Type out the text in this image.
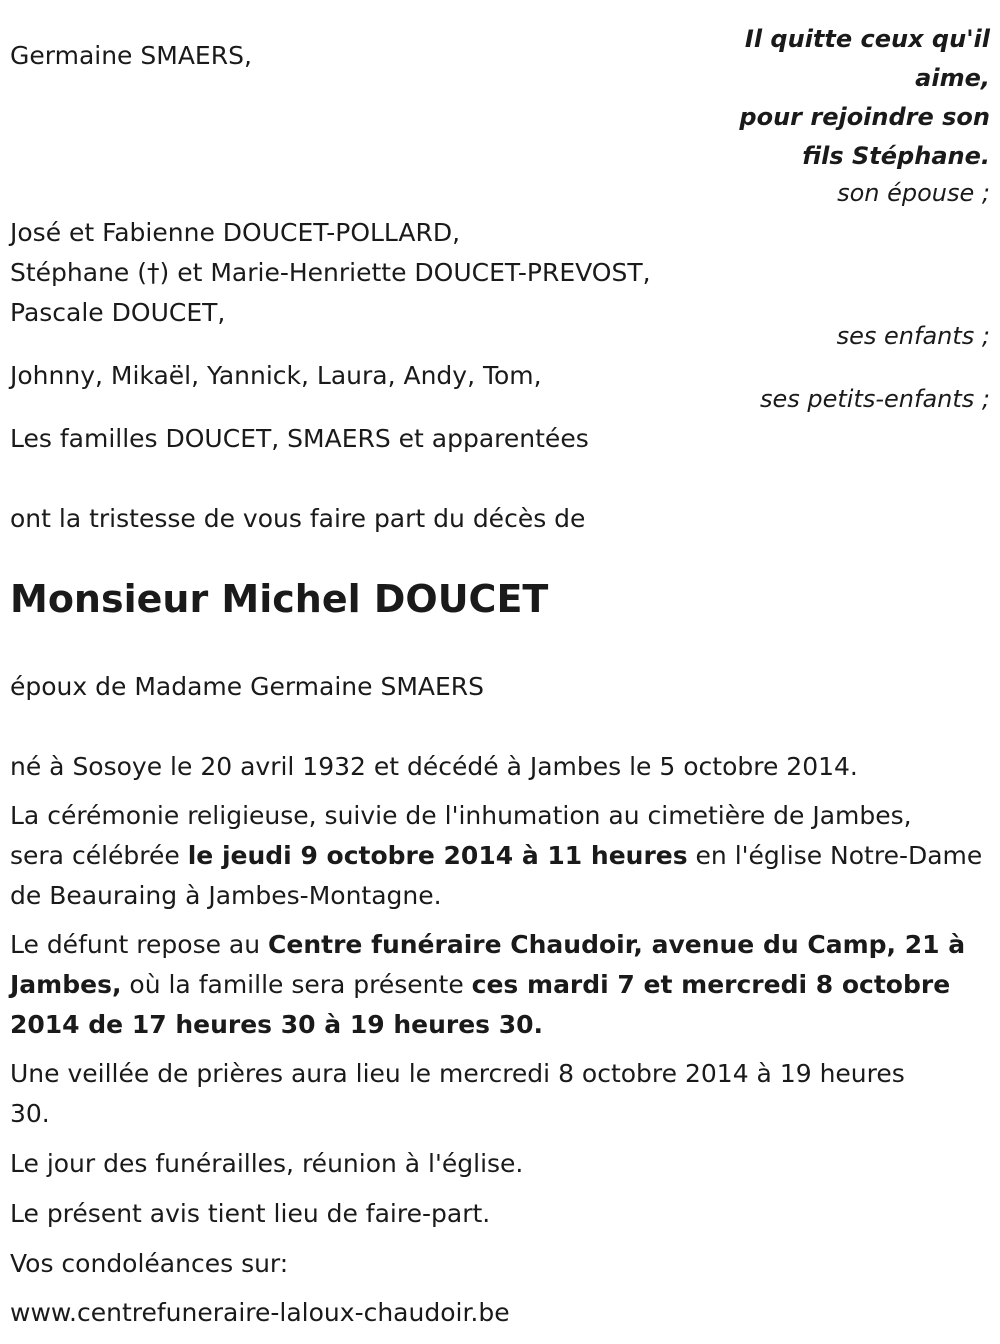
Germaine SMAERS,
Il quitte ceux qu'il
aime,
pour rejoindre son
fils Stéphane.
son épouse ;
José et Fabienne DOUCET-POLLARD,
Stéphane (†) et Marie-Henriette DOUCET-PREVOST,
Pascale DOUCET,
ses enfants ;
Johnny, Mikaël, Yannick, Laura, Andy, Tom,
ses petits-enfants ;
Les familles DOUCET, SMAERS et apparentées
ont la tristesse de vous faire part du décès de
Monsieur Michel DOUCET
époux de Madame Germaine SMAERS
né à Sosoye le 20 avril 1932 et décédé à Jambes le 5 octobre 2014.
La cérémonie religieuse, suivie de l'inhumation au cimetière de Jambes,
sera célébrée le jeudi 9 octobre 2014 à 11 heures en l'église Notre-Dame
de Beauraing à Jambes-Montagne.
Le défunt repose au Centre funéraire Chaudoir, avenue du Camp, 21 à
Jambes, où la famille sera présente ces mardi 7 et mercredi 8 octobre
2014 de 17 heures 30 à 19 heures 30.
Une veillée de prières aura lieu le mercredi 8 octobre 2014 à 19 heures
30.
Le jour des funérailles, réunion à l'église.
Le présent avis tient lieu de faire-part.
Vos condoléances sur:
www.centrefuneraire-laloux-chaudoir.be
